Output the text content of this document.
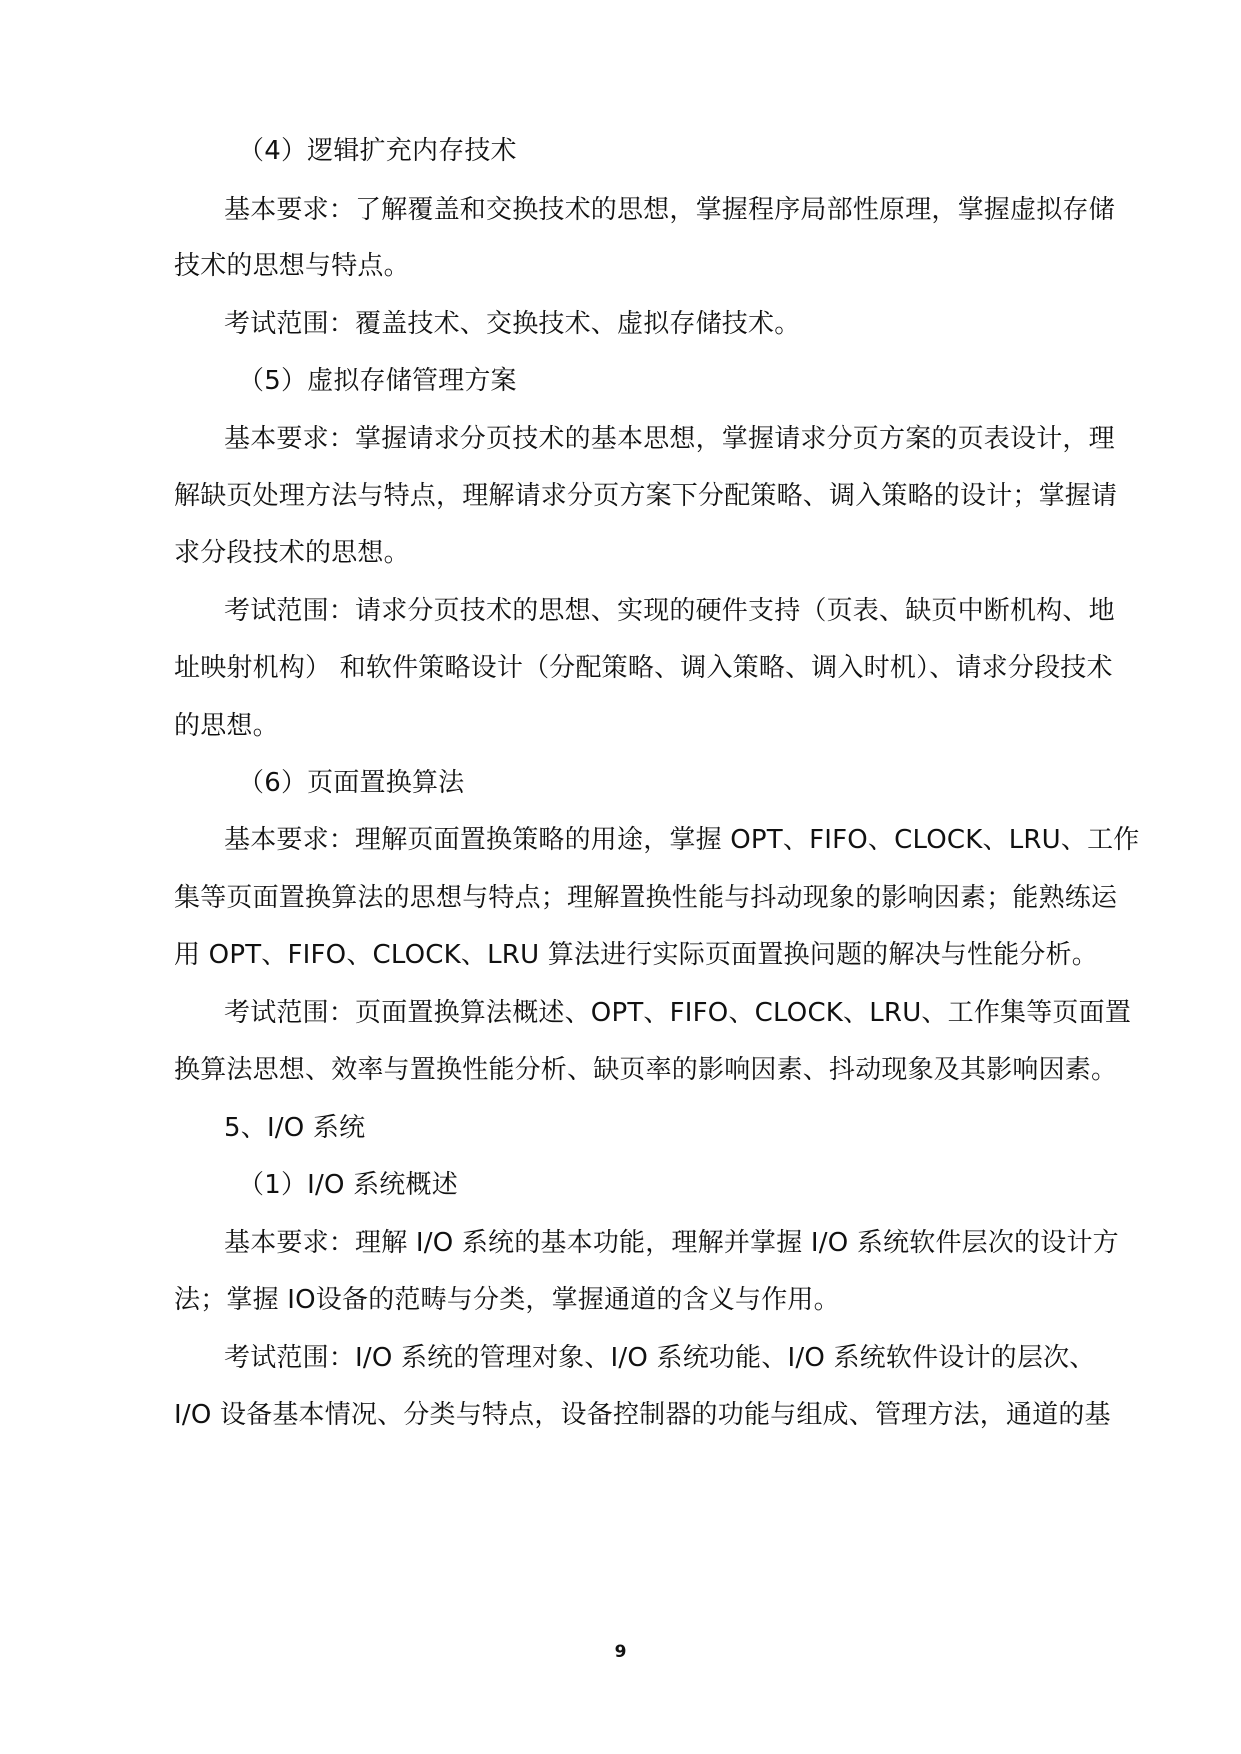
（4）逻辑扩充内存技术
基本要求：了解覆盖和交换技术的思想，掌握程序局部性原理，掌握虚拟存储
技术的思想与特点。
考试范围：覆盖技术、交换技术、虚拟存储技术。
（5）虚拟存储管理方案
基本要求：掌握请求分页技术的基本思想，掌握请求分页方案的页表设计，理
解缺页处理方法与特点，理解请求分页方案下分配策略、调入策略的设计；掌握请
求分段技术的思想。
考试范围：请求分页技术的思想、实现的硬件支持（页表、缺页中断机构、地
址映射机构） 和软件策略设计（分配策略、调入策略、调入时机）、请求分段技术
的思想。
（6）页面置换算法
基本要求：理解页面置换策略的用途，掌握 OPT、FIFO、CLOCK、LRU、工作
集等页面置换算法的思想与特点；理解置换性能与抖动现象的影响因素；能熟练运
用 OPT、FIFO、CLOCK、LRU 算法进行实际页面置换问题的解决与性能分析。
考试范围：页面置换算法概述、OPT、FIFO、CLOCK、LRU、工作集等页面置
换算法思想、效率与置换性能分析、缺页率的影响因素、抖动现象及其影响因素。
5、I/O 系统
（1）I/O 系统概述
基本要求：理解 I/O 系统的基本功能，理解并掌握 I/O 系统软件层次的设计方
法；掌握 IO设备的范畴与分类，掌握通道的含义与作用。
考试范围：I/O 系统的管理对象、I/O 系统功能、I/O 系统软件设计的层次、
I/O 设备基本情况、分类与特点，设备控制器的功能与组成、管理方法，通道的基
9
